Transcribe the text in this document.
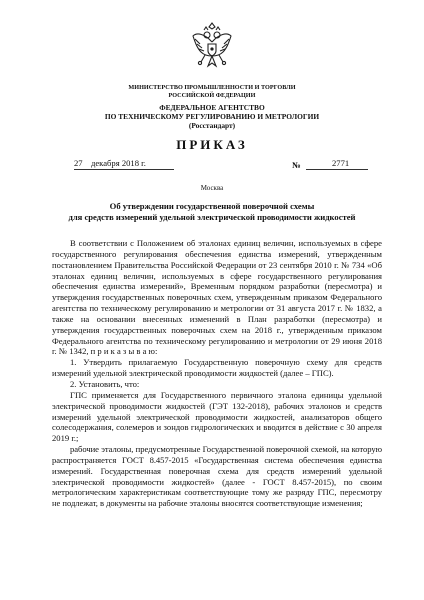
МИНИСТЕРСТВО ПРОМЫШЛЕННОСТИ И ТОРГОВЛИ
РОССИЙСКОЙ ФЕДЕРАЦИИ
ФЕДЕРАЛЬНОЕ АГЕНТСТВО
ПО ТЕХНИЧЕСКОМУ РЕГУЛИРОВАНИЮ И МЕТРОЛОГИИ
(Росстандарт)
ПРИКАЗ
27 декабря 2018 г.	№	2771
Москва
Об утверждении государственной поверочной схемы
для средств измерений удельной электрической проводимости жидкостей

В соответствии с Положением об эталонах единиц величин, используемых в сфере государственного регулирования обеспечения единства измерений, утвержденным постановлением Правительства Российской Федерации от 23 сентября 2010 г. № 734 «Об эталонах единиц величин, используемых в сфере государственного регулирования обеспечения единства измерений», Временным порядком разработки (пересмотра) и утверждения государственных поверочных схем, утвержденным приказом Федерального агентства по техническому регулированию и метрологии от 31 августа 2017 г. № 1832, а также на основании внесенных изменений в План разработки (пересмотра) и утверждения государственных поверочных схем на 2018 г., утвержденным приказом Федерального агентства по техническому регулированию и метрологии от 29 июня 2018 г. № 1342, п р и к а з ы в а ю:

1. Утвердить прилагаемую Государственную поверочную схему для средств измерений удельной электрической проводимости жидкостей (далее – ГПС).

2. Установить, что:

ГПС применяется для Государственного первичного эталона единицы удельной электрической проводимости жидкостей (ГЭТ 132-2018), рабочих эталонов и средств измерений удельной электрической проводимости жидкостей, анализаторов общего солесодержания, солемеров и зондов гидрологических и вводится в действие с 30 апреля 2019 г.;

рабочие эталоны, предусмотренные Государственной поверочной схемой, на которую распространяется ГОСТ 8.457-2015 «Государственная система обеспечения единства измерений. Государственная поверочная схема для средств измерений удельной электрической проводимости жидкостей» (далее - ГОСТ 8.457-2015), по своим метрологическим характеристикам соответствующие тому же разряду ГПС, пересмотру не подлежат, в документы на рабочие эталоны вносятся соответствующие изменения;
